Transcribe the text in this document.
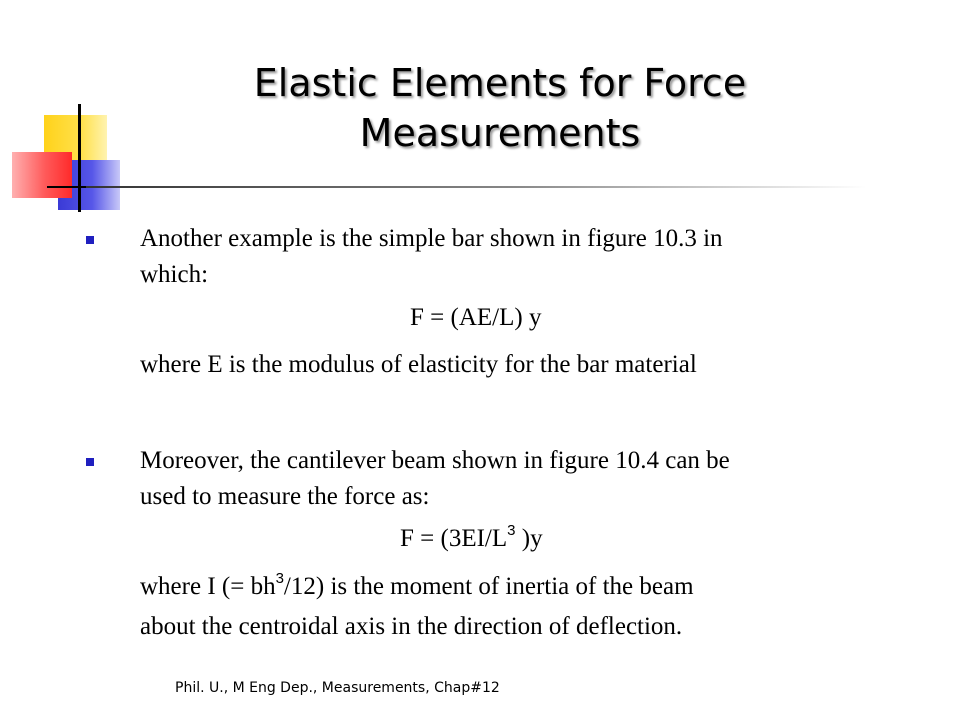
Elastic Elements for Force Measurements
Another example is the simple bar shown in figure 10.3 in
which:
F = (AE/L) y
where E is the modulus of elasticity for the bar material
Moreover, the cantilever beam shown in figure 10.4 can be
used to measure the force as:
$F = (3EI/L^3$ )y
where I (= $bh^3/12$) is the moment of inertia of the beam
about the centroidal axis in the direction of deflection.
Phil. U., M Eng Dep., Measurements, Chap#12
